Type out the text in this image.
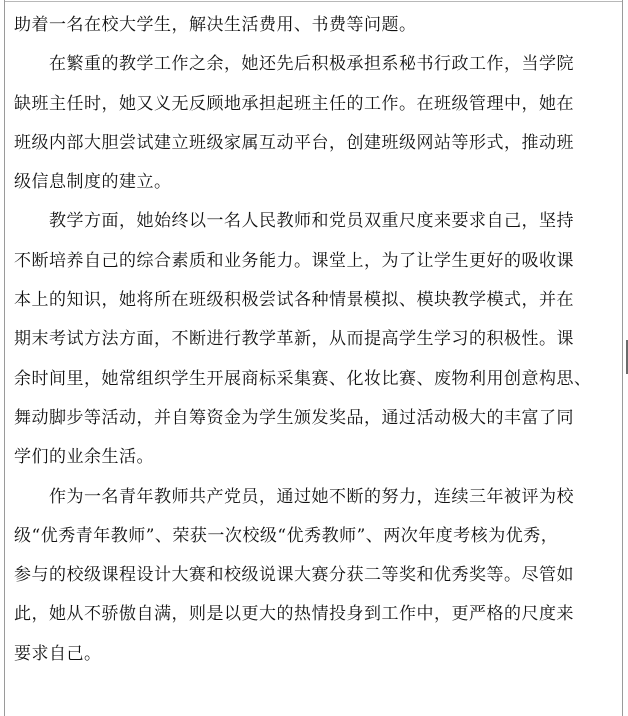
助着一名在校大学生，解决生活费用、书费等问题。
在繁重的教学工作之余，她还先后积极承担系秘书行政工作，当学院
缺班主任时，她又义无反顾地承担起班主任的工作。在班级管理中，她在
班级内部大胆尝试建立班级家属互动平台，创建班级网站等形式，推动班
级信息制度的建立。
教学方面，她始终以一名人民教师和党员双重尺度来要求自己，坚持
不断培养自己的综合素质和业务能力。课堂上，为了让学生更好的吸收课
本上的知识，她将所在班级积极尝试各种情景模拟、模块教学模式，并在
期末考试方法方面，不断进行教学革新，从而提高学生学习的积极性。课
余时间里，她常组织学生开展商标采集赛、化妆比赛、废物利用创意构思、
舞动脚步等活动，并自筹资金为学生颁发奖品，通过活动极大的丰富了同
学们的业余生活。
作为一名青年教师共产党员，通过她不断的努力，连续三年被评为校
级“优秀青年教师”、荣获一次校级“优秀教师”、两次年度考核为优秀，
参与的校级课程设计大赛和校级说课大赛分获二等奖和优秀奖等。尽管如
此，她从不骄傲自满，则是以更大的热情投身到工作中，更严格的尺度来
要求自己。
